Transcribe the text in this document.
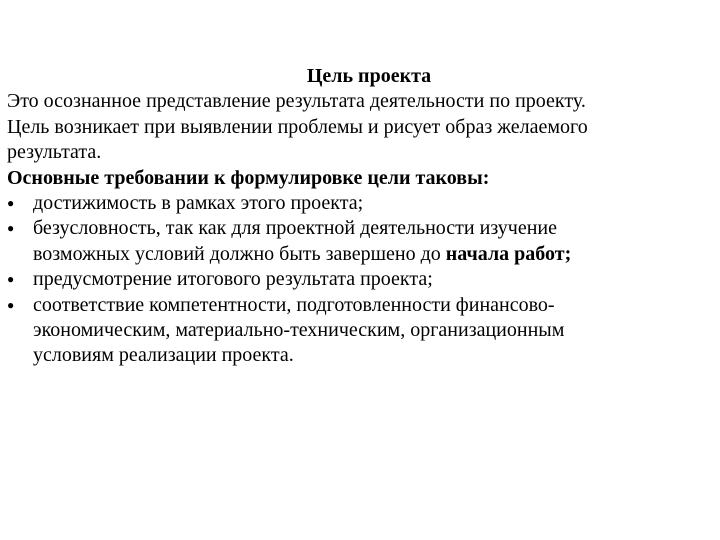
Цель проекта

Это осознанное представление результата деятельности по проекту.

Цель возникает при выявлении проблемы и рисует образ желаемого

результата.

Основные требовании к формулировке цели таковы:

● достижимость в рамках этого проекта;
● безусловность, так как для проектной деятельности изучение
возможных условий должно быть завершено до начала работ;
● предусмотрение итогового результата проекта;
● соответствие компетентности, подготовленности финансово-
экономическим, материально-техническим, организационным
условиям реализации проекта.
